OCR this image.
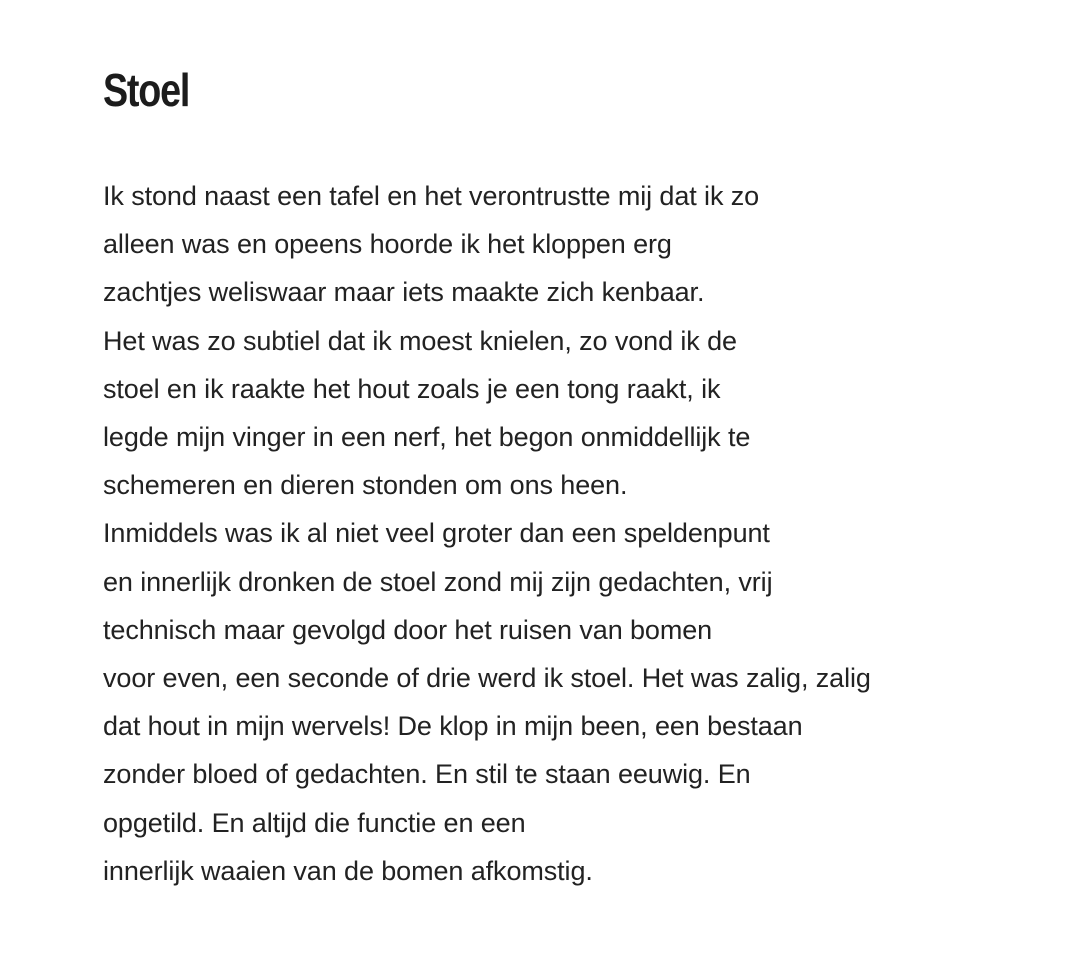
Stoel
Ik stond naast een tafel en het verontrustte mij dat ik zo
alleen was en opeens hoorde ik het kloppen erg
zachtjes weliswaar maar iets maakte zich kenbaar.
Het was zo subtiel dat ik moest knielen, zo vond ik de
stoel en ik raakte het hout zoals je een tong raakt, ik
legde mijn vinger in een nerf, het begon onmiddellijk te
schemeren en dieren stonden om ons heen.
Inmiddels was ik al niet veel groter dan een speldenpunt
en innerlijk dronken de stoel zond mij zijn gedachten, vrij
technisch maar gevolgd door het ruisen van bomen
voor even, een seconde of drie werd ik stoel. Het was zalig, zalig
dat hout in mijn wervels! De klop in mijn been, een bestaan
zonder bloed of gedachten. En stil te staan eeuwig. En
opgetild. En altijd die functie en een
innerlijk waaien van de bomen afkomstig.
